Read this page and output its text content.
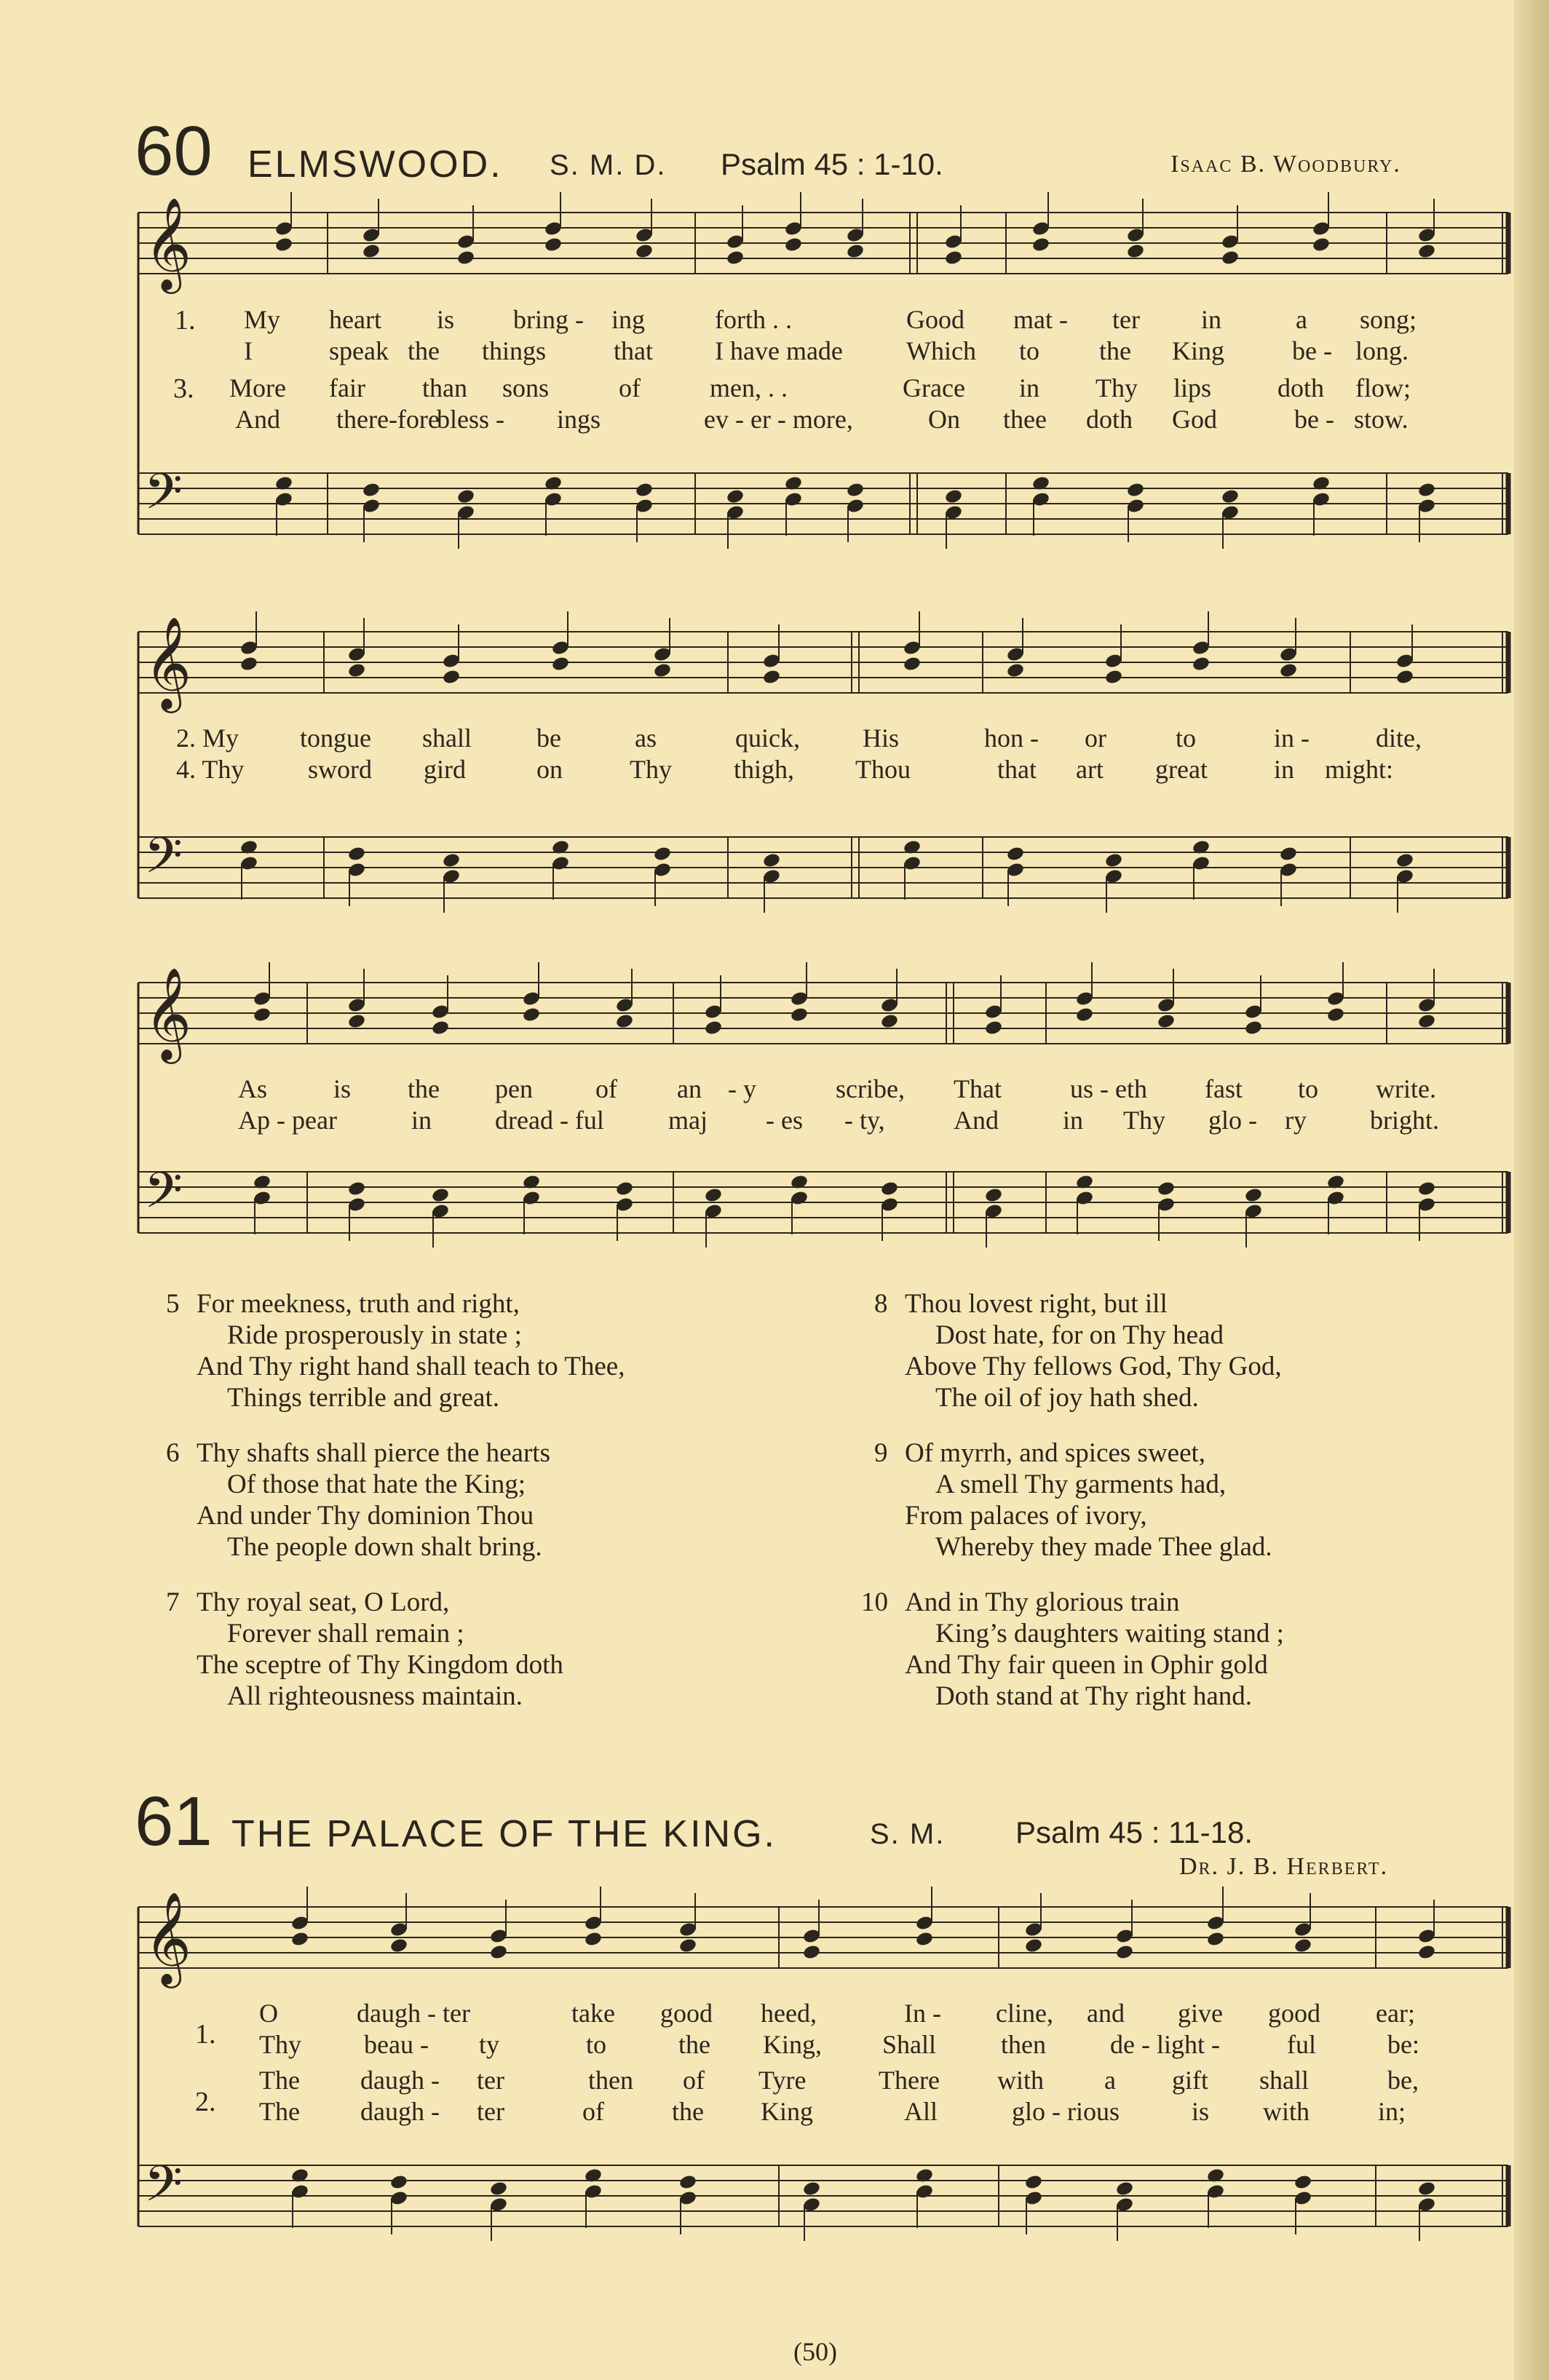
𝄞
𝄢
𝄞
𝄢
𝄞
𝄢
𝄞
𝄢
60 ELMSWOOD. S. M. D. Psalm 45 : 1-10.	Isaac B. Woodbury.
1.
3.
My heart is bring - ing	forth . .	Good mat - ter in	a song;
I	speak the things	that I have made Which to the King	be - long.
More fair than sons	of	men, . .	Grace in Thy lips	doth flow;
And there-fore
bless - ings	ev - er - more,	On thee doth God	be - stow.
2. My tongue shall be	as	quick, His	hon - or	to	in -	dite,
4. Thy sword gird	on	Thy thigh, Thou	that art great	in might:
As	is the pen of an - y	scribe, That	us - eth fast to write.
Ap - pear	in dread - ful maj - es - ty,	And in Thy glo - ry bright.
5 For meekness, truth and right,
Ride prosperously in state ;
And Thy right hand shall teach to Thee,
Things terrible and great.
6 Thy shafts shall pierce the hearts
Of those that hate the King;
And under Thy dominion Thou
The people down shalt bring.
7 Thy royal seat, O Lord,
Forever shall remain ;
The sceptre of Thy Kingdom doth
All righteousness maintain.
8 Thou lovest right, but ill
Dost hate, for on Thy head
Above Thy fellows God, Thy God,
The oil of joy hath shed.
9 Of myrrh, and spices sweet,
A smell Thy garments had,
From palaces of ivory,
Whereby they made Thee glad.
10 And in Thy glorious train
King’s daughters waiting stand ;
And Thy fair queen in Ophir gold
Doth stand at Thy right hand.
61 THE PALACE OF THE KING.	S. M. Psalm 45 : 11-18.
Dr. J. B. Herbert.
1.
2.
O	daugh - ter	take good heed,	In - cline, and give good ear;
Thy beau - ty	to	the King, Shall then de - light -	ful	be:
The daugh - ter	then of Tyre	There with a gift shall	be,
The daugh - ter	of	the King	All	glo - rious	is with	in;
(50)
